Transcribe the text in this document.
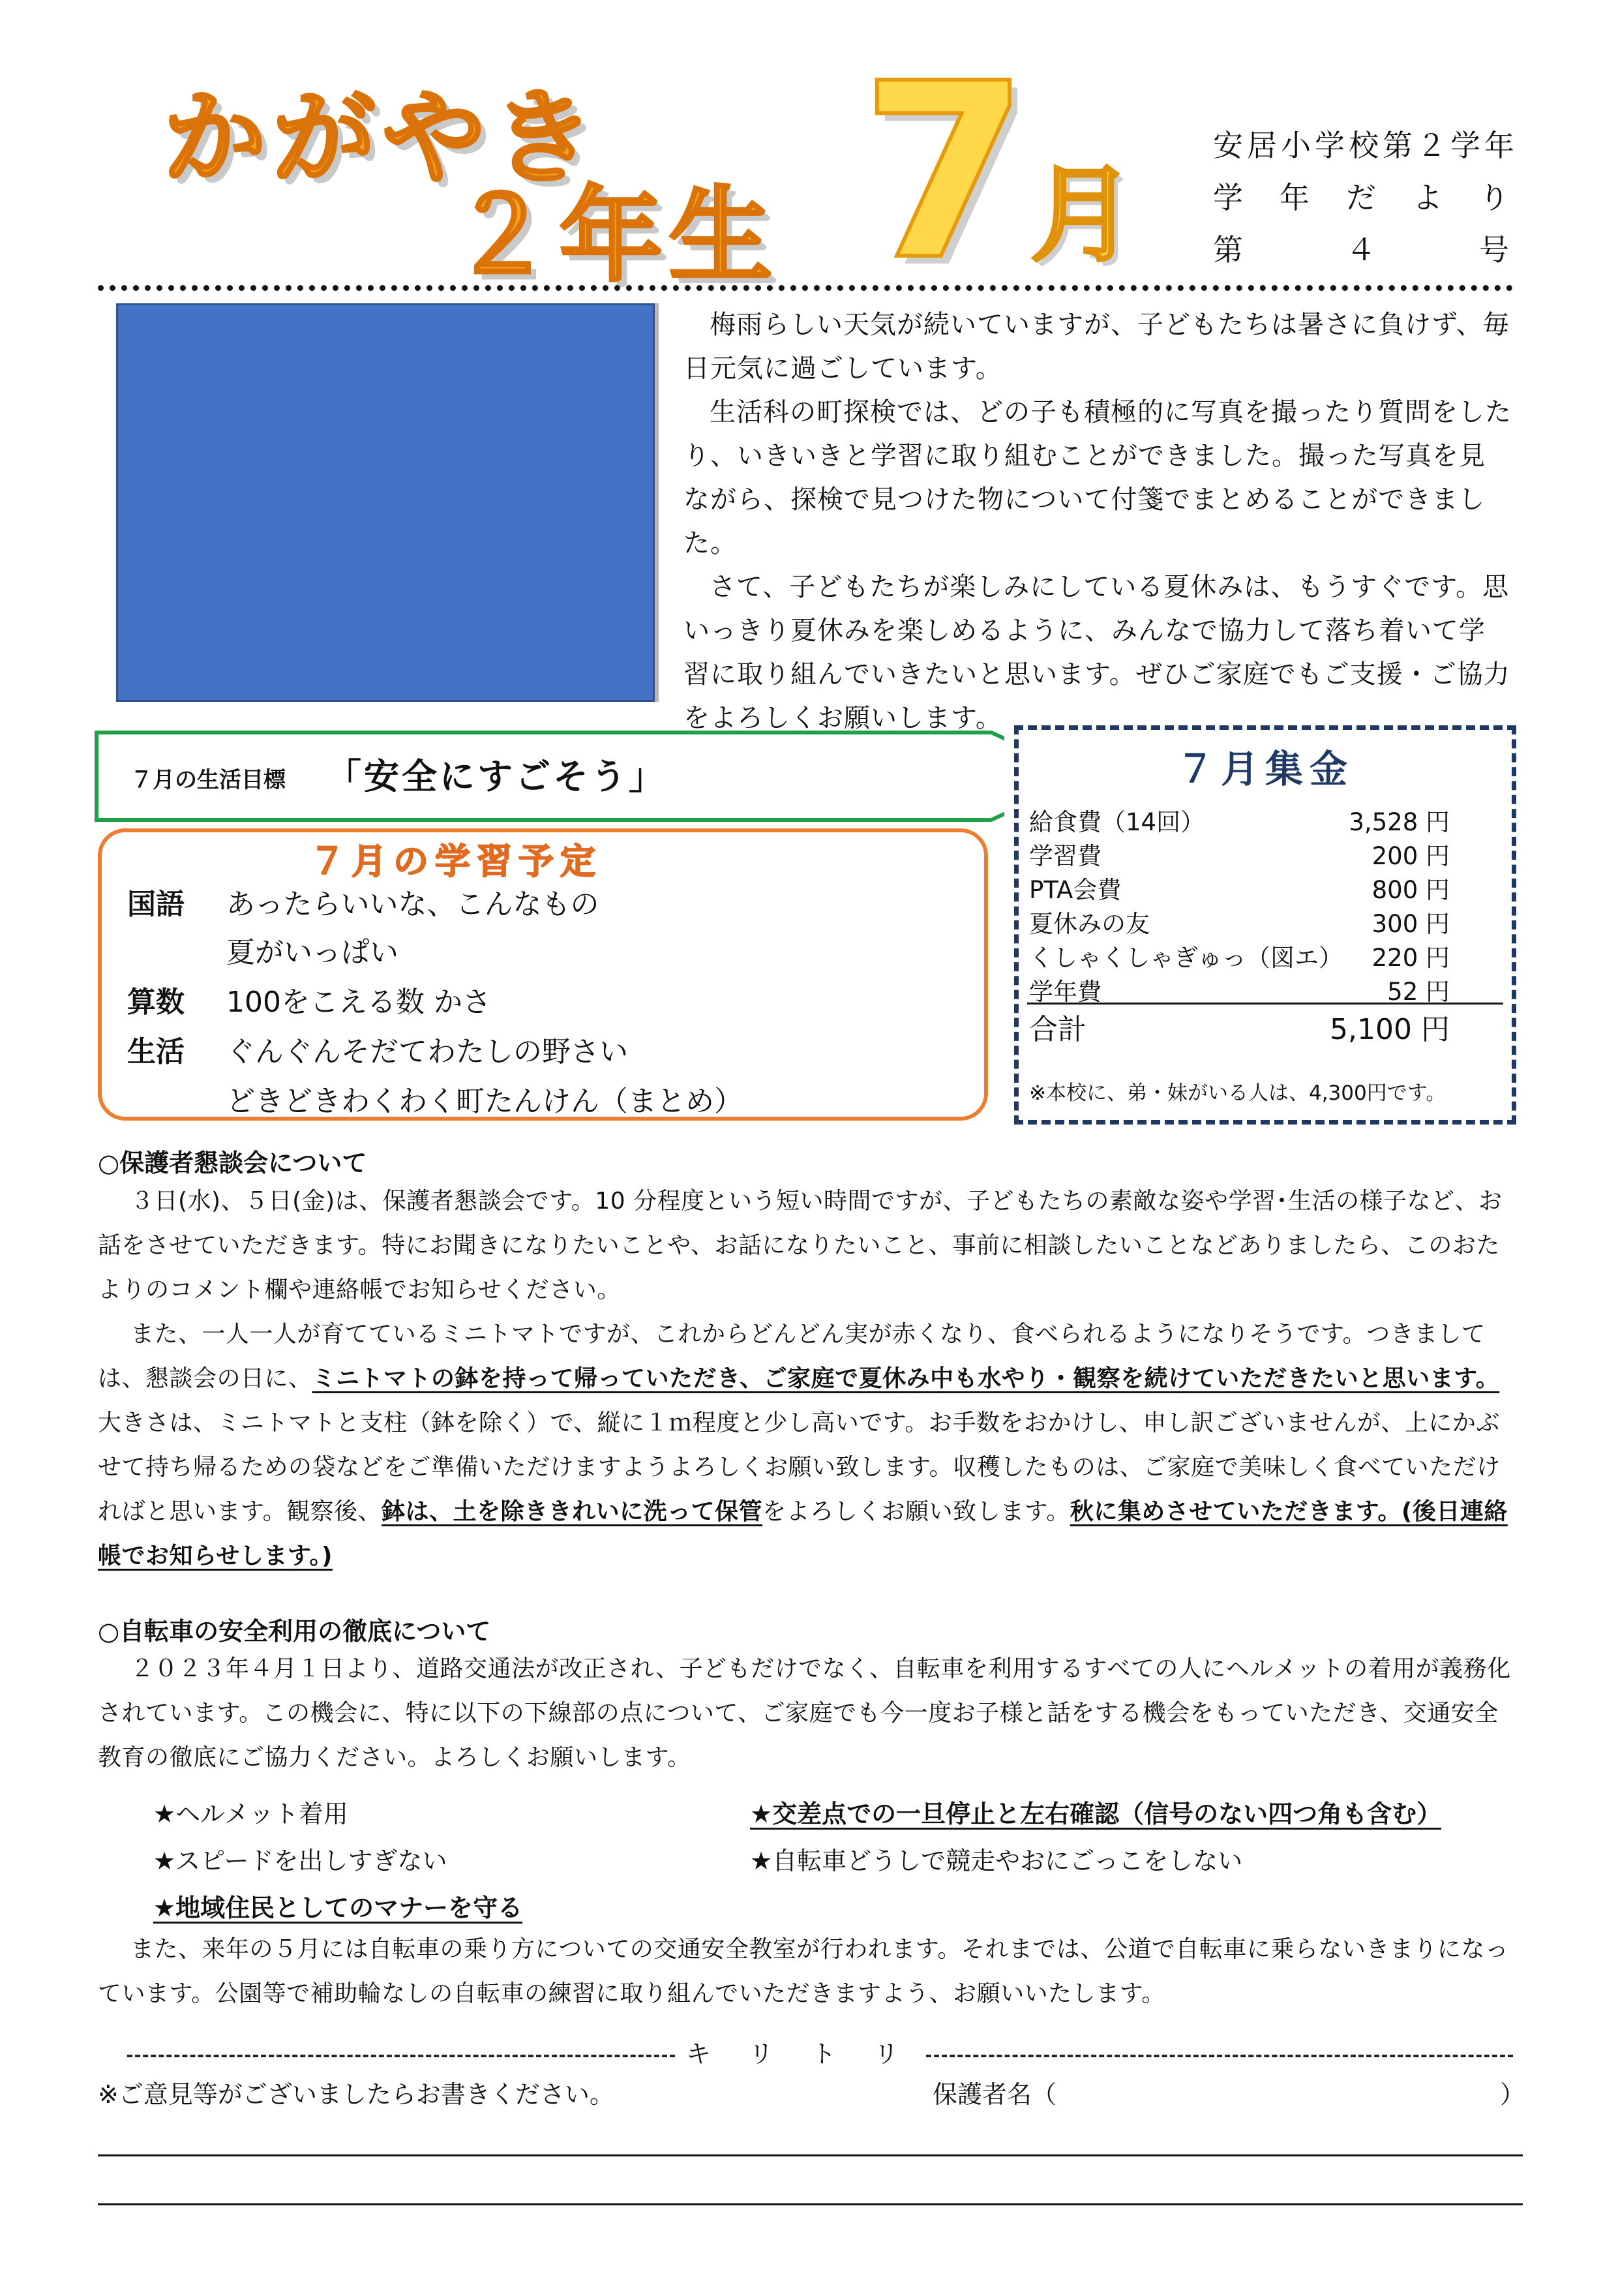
かがやき
２年生 7 月
安居小学校第２学年
学 年 だ よ り
第	４	号
梅雨らしい天気が続いていますが、子どもたちは暑さに負けず、毎日元気に過ごしています。
生活科の町探検では、どの子も積極的に写真を撮ったり質問をしたり、いきいきと学習に取り組むことができました。撮った写真を見ながら、探検で見つけた物について付箋でまとめることができました。
さて、子どもたちが楽しみにしている夏休みは、もうすぐです。思いっきり夏休みを楽しめるように、みんなで協力して落ち着いて学習に取り組んでいきたいと思います。ぜひご家庭でもご支援・ご協力をよろしくお願いします。
７月の生活目標 「安全にすごそう」
７月の学習予定
国語 あったらいいな、こんなもの
夏がいっぱい
算数 100をこえる数 かさ
生活 ぐんぐんそだてわたしの野さい
どきどきわくわく町たんけん（まとめ）
７月集金
給食費（14回）	3,528 円
学習費	200 円
PTA会費	800 円
夏休みの友	300 円
くしゃくしゃぎゅっ（図エ） 220 円
学年費	52 円
合計	5,100 円
※本校に、弟・妹がいる人は、4,300円です。
○保護者懇談会について
３日(水)、５日(金)は、保護者懇談会です。10 分程度という短い時間ですが、子どもたちの素敵な姿や学習･生活の様子など、お話をさせていただきます。特にお聞きになりたいことや、お話になりたいこと、事前に相談したいことなどありましたら、このおたよりのコメント欄や連絡帳でお知らせください。
また、一人一人が育てているミニトマトですが、これからどんどん実が赤くなり、食べられるようになりそうです。つきましては、懇談会の日に、ミニトマトの鉢を持って帰っていただき、ご家庭で夏休み中も水やり・観察を続けていただきたいと思います。大きさは、ミニトマトと支柱（鉢を除く）で、縦に１ｍ程度と少し高いです。お手数をおかけし、申し訳ございませんが、上にかぶせて持ち帰るための袋などをご準備いただけますようよろしくお願い致します。収穫したものは、ご家庭で美味しく食べていただければと思います。観察後、鉢は、土を除ききれいに洗って保管をよろしくお願い致します。秋に集めさせていただきます。(後日連絡帳でお知らせします。)
○自転車の安全利用の徹底について
２０２３年４月１日より、道路交通法が改正され、子どもだけでなく、自転車を利用するすべての人にヘルメットの着用が義務化されています。この機会に、特に以下の下線部の点について、ご家庭でも今一度お子様と話をする機会をもっていただき、交通安全教育の徹底にご協力ください。よろしくお願いします。
★ヘルメット着用	★交差点での一旦停止と左右確認（信号のない四つ角も含む）
★スピードを出しすぎない	★自転車どうしで競走やおにごっこをしない
★地域住民としてのマナーを守る
また、来年の５月には自転車の乗り方についての交通安全教室が行われます。それまでは、公道で自転車に乗らないきまりになっています。公園等で補助輪なしの自転車の練習に取り組んでいただきますよう、お願いいたします。
キ　リ　ト　リ
※ご意見等がございましたらお書きください。	保護者名（	）
